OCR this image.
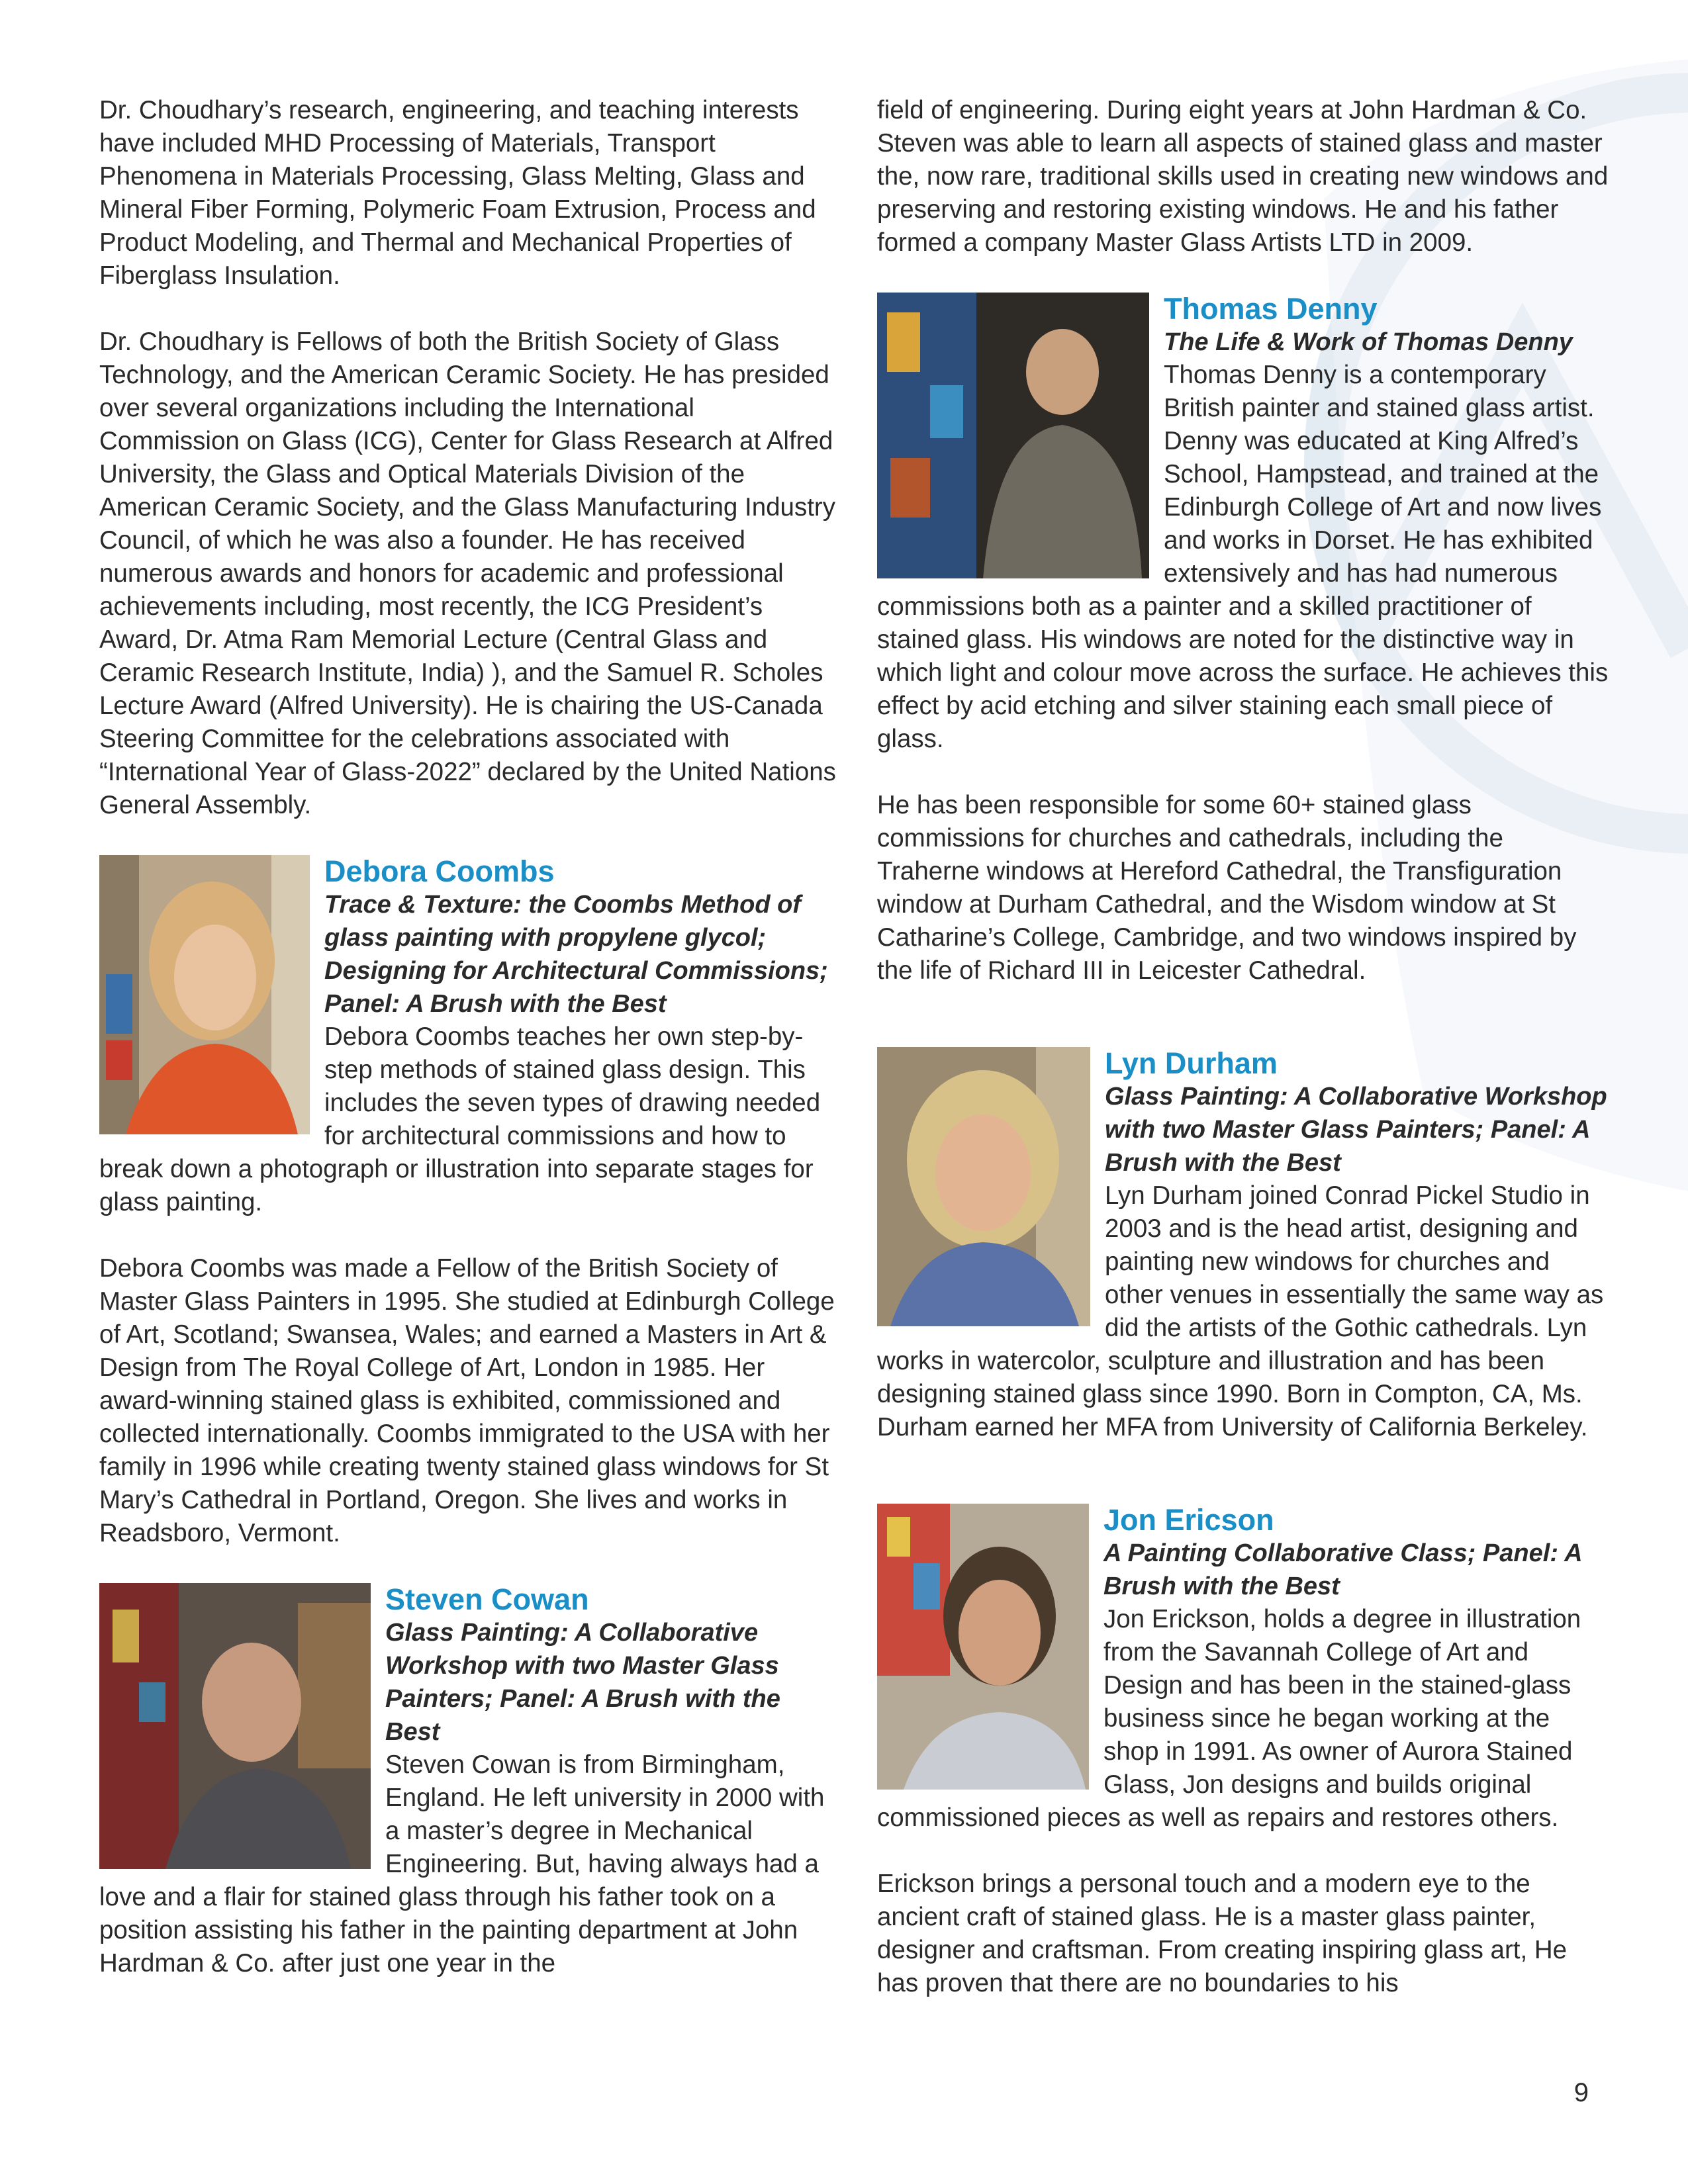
Dr. Choudhary’s research, engineering, and teaching interests have included MHD Processing of Materials, Transport Phenomena in Materials Processing, Glass Melting, Glass and Mineral Fiber Forming, Polymeric Foam Extrusion, Process and Product Modeling, and Thermal and Mechanical Properties of Fiberglass Insulation.

Dr. Choudhary is Fellows of both the British Society of Glass Technology, and the American Ceramic Society. He has presided over several organizations including the International Commission on Glass (ICG), Center for Glass Research at Alfred University, the Glass and Optical Materials Division of the American Ceramic Society, and the Glass Manufacturing Industry Council, of which he was also a founder. He has received numerous awards and honors for academic and professional achievements including, most recently, the ICG President’s Award, Dr. Atma Ram Memorial Lecture (Central Glass and Ceramic Research Institute, India) ), and the Samuel R. Scholes Lecture Award (Alfred University). He is chairing the US-Canada Steering Committee for the celebrations associated with “International Year of Glass-2022” declared by the United Nations General Assembly.

Debora Coombs
Trace & Texture: the Coombs Method of glass painting with propylene glycol; Designing for Architectural Commissions; Panel: A Brush with the Best

Debora Coombs teaches her own step-by-step methods of stained glass design. This includes the seven types of drawing needed for architectural commissions and how to break down a photograph or illustration into separate stages for glass painting.

Debora Coombs was made a Fellow of the British Society of Master Glass Painters in 1995. She studied at Edinburgh College of Art, Scotland; Swansea, Wales; and earned a Masters in Art & Design from The Royal College of Art, London in 1985. Her award-winning stained glass is exhibited, commissioned and collected internationally. Coombs immigrated to the USA with her family in 1996 while creating twenty stained glass windows for St Mary’s Cathedral in Portland, Oregon. She lives and works in Readsboro, Vermont.

Steven Cowan
Glass Painting: A Collaborative Workshop with two Master Glass Painters; Panel: A Brush with the Best

Steven Cowan is from Birmingham, England. He left university in 2000 with a master’s degree in Mechanical Engineering. But, having always had a love and a flair for stained glass through his father took on a position assisting his father in the painting department at John Hardman & Co. after just one year in the

field of engineering. During eight years at John Hardman & Co. Steven was able to learn all aspects of stained glass and master the, now rare, traditional skills used in creating new windows and preserving and restoring existing windows. He and his father formed a company Master Glass Artists LTD in 2009.

Thomas Denny
The Life & Work of Thomas Denny

Thomas Denny is a contemporary British painter and stained glass artist. Denny was educated at King Alfred’s School, Hampstead, and trained at the Edinburgh College of Art and now lives and works in Dorset. He has exhibited extensively and has had numerous commissions both as a painter and a skilled practitioner of stained glass. His windows are noted for the distinctive way in which light and colour move across the surface. He achieves this effect by acid etching and silver staining each small piece of glass.

He has been responsible for some 60+ stained glass commissions for churches and cathedrals, including the Traherne windows at Hereford Cathedral, the Transfiguration window at Durham Cathedral, and the Wisdom window at St Catharine’s College, Cambridge, and two windows inspired by the life of Richard III in Leicester Cathedral.

Lyn Durham
Glass Painting: A Collaborative Workshop with two Master Glass Painters; Panel: A Brush with the Best

Lyn Durham joined Conrad Pickel Studio in 2003 and is the head artist, designing and painting new windows for churches and other venues in essentially the same way as did the artists of the Gothic cathedrals. Lyn works in watercolor, sculpture and illustration and has been designing stained glass since 1990. Born in Compton, CA, Ms. Durham earned her MFA from University of California Berkeley.

Jon Ericson
A Painting Collaborative Class; Panel: A Brush with the Best

Jon Erickson, holds a degree in illustration from the Savannah College of Art and Design and has been in the stained-glass business since he began working at the shop in 1991. As owner of Aurora Stained Glass, Jon designs and builds original commissioned pieces as well as repairs and restores others.

Erickson brings a personal touch and a modern eye to the ancient craft of stained glass. He is a master glass painter, designer and craftsman. From creating inspiring glass art, He has proven that there are no boundaries to his

9
